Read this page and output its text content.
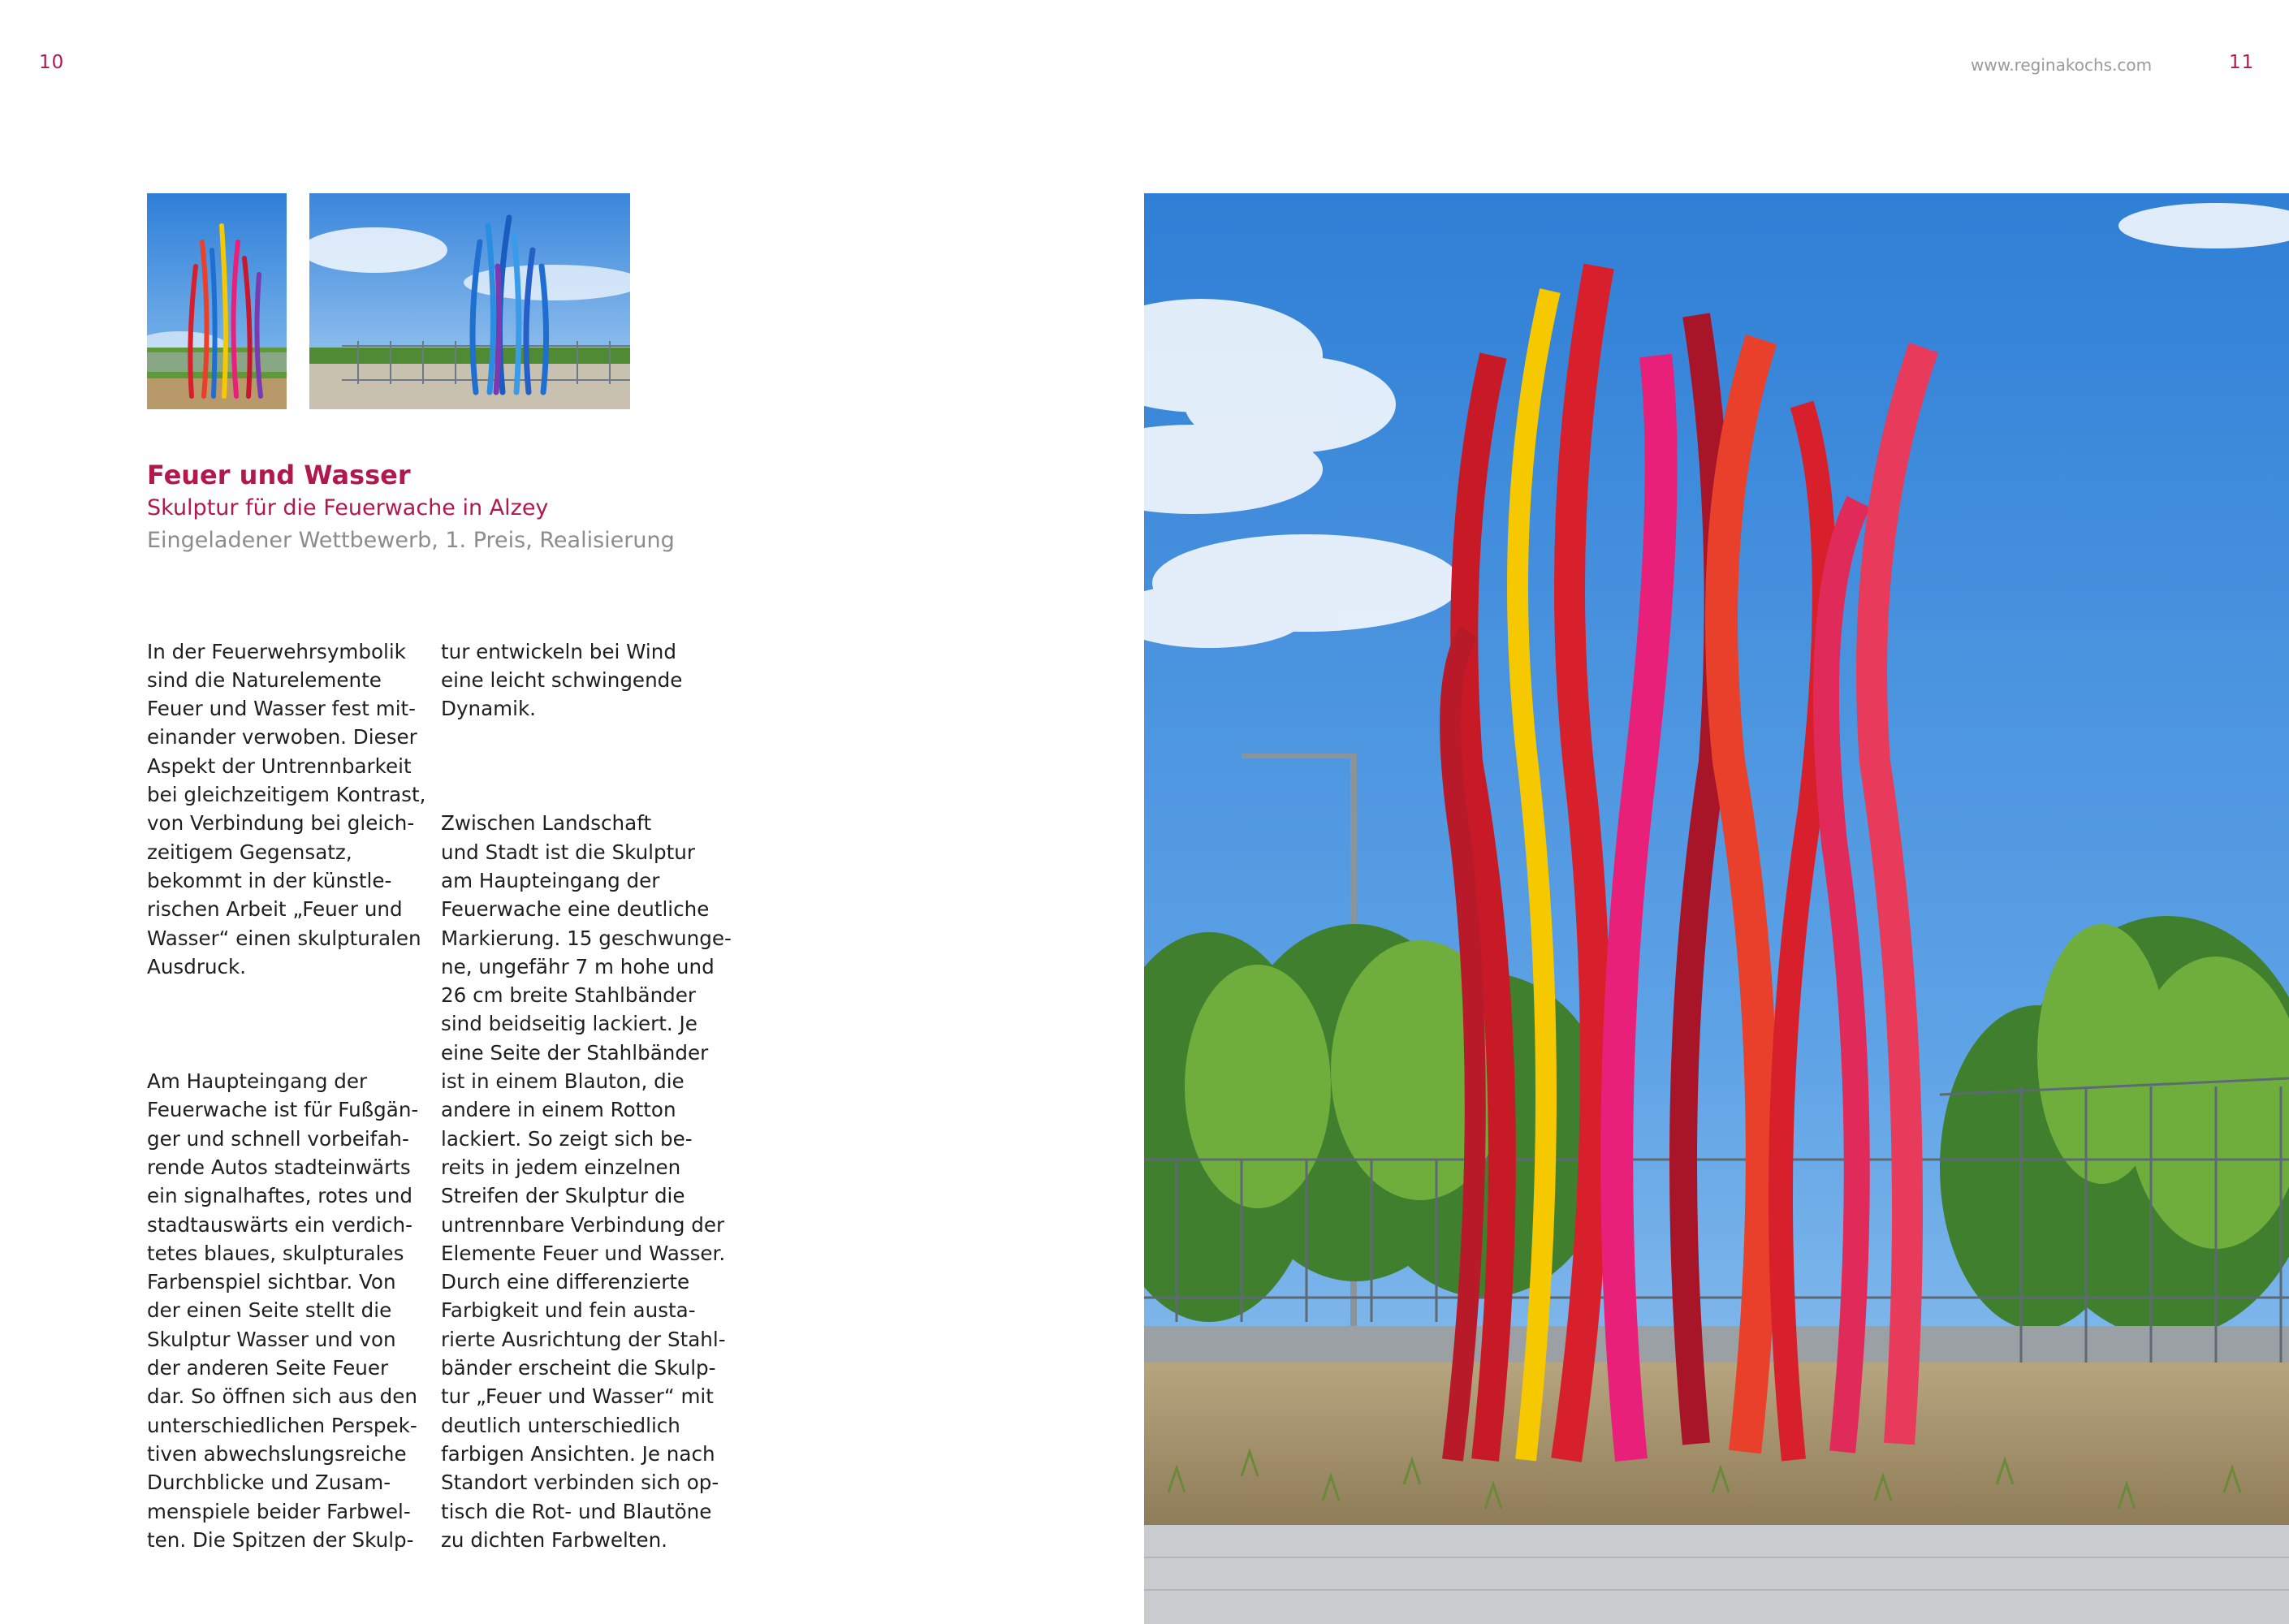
10	www.reginakochs.com	11
Feuer und Wasser
Skulptur für die Feuerwache in Alzey
Eingeladener Wettbewerb, 1. Preis, Realisierung

In der Feuerwehrsymbolik
sind die Naturelemente
Feuer und Wasser fest mit-
einander verwoben. Dieser
Aspekt der Untrennbarkeit
bei gleichzeitigem Kontrast,
von Verbindung bei gleich-
zeitigem Gegensatz,
bekommt in der künstle-
rischen Arbeit „Feuer und
Wasser“ einen skulpturalen
Ausdruck.

Am Haupteingang der
Feuerwache ist für Fußgän-
ger und schnell vorbeifah-
rende Autos stadteinwärts
ein signalhaftes, rotes und
stadtauswärts ein verdich-
tetes blaues, skulpturales
Farbenspiel sichtbar. Von
der einen Seite stellt die
Skulptur Wasser und von
der anderen Seite Feuer
dar. So öffnen sich aus den
unterschiedlichen Perspek-
tiven abwechslungsreiche
Durchblicke und Zusam-
menspiele beider Farbwel-
ten. Die Spitzen der Skulp-

tur entwickeln bei Wind
eine leicht schwingende
Dynamik.

Zwischen Landschaft
und Stadt ist die Skulptur
am Haupteingang der
Feuerwache eine deutliche
Markierung. 15 geschwunge-
ne, ungefähr 7 m hohe und
26 cm breite Stahlbänder
sind beidseitig lackiert. Je
eine Seite der Stahlbänder
ist in einem Blauton, die
andere in einem Rotton
lackiert. So zeigt sich be-
reits in jedem einzelnen
Streifen der Skulptur die
untrennbare Verbindung der
Elemente Feuer und Wasser.
Durch eine differenzierte
Farbigkeit und fein austa-
rierte Ausrichtung der Stahl-
bänder erscheint die Skulp-
tur „Feuer und Wasser“ mit
deutlich unterschiedlich
farbigen Ansichten. Je nach
Standort verbinden sich op-
tisch die Rot- und Blautöne
zu dichten Farbwelten.
